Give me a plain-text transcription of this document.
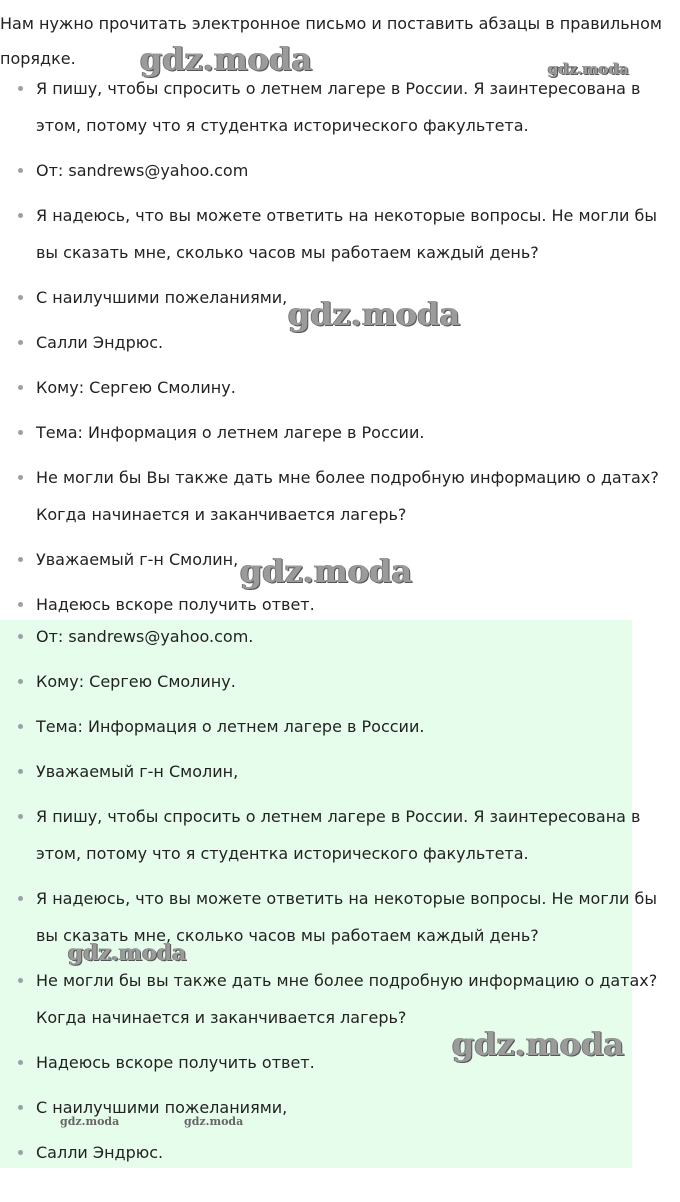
Нам нужно прочитать электронное письмо и поставить абзацы в правильном порядке.

Я пишу, чтобы спросить о летнем лагере в России. Я заинтересована в этом, потому что я студентка исторического факультета.
От: sandrews@yahoo.com
Я надеюсь, что вы можете ответить на некоторые вопросы. Не могли бы вы сказать мне, сколько часов мы работаем каждый день?
С наилучшими пожеланиями,
Салли Эндрюс.
Кому: Сергею Смолину.
Тема: Информация о летнем лагере в России.
Не могли бы Вы также дать мне более подробную информацию о датах? Когда начинается и заканчивается лагерь?
Уважаемый г-н Смолин,
Надеюсь вскоре получить ответ.
От: sandrews@yahoo.com.
Кому: Сергею Смолину.
Тема: Информация о летнем лагере в России.
Уважаемый г-н Смолин,
Я пишу, чтобы спросить о летнем лагере в России. Я заинтересована в этом, потому что я студентка исторического факультета.
Я надеюсь, что вы можете ответить на некоторые вопросы. Не могли бы вы сказать мне, сколько часов мы работаем каждый день?
Не могли бы вы также дать мне более подробную информацию о датах? Когда начинается и заканчивается лагерь?
Надеюсь вскоре получить ответ.
С наилучшими пожеланиями,
Салли Эндрюс.
gdz.moda	gdz.moda
gdz.moda
gdz.moda
gdz.moda
gdz.moda
gdz.moda	gdz.moda
